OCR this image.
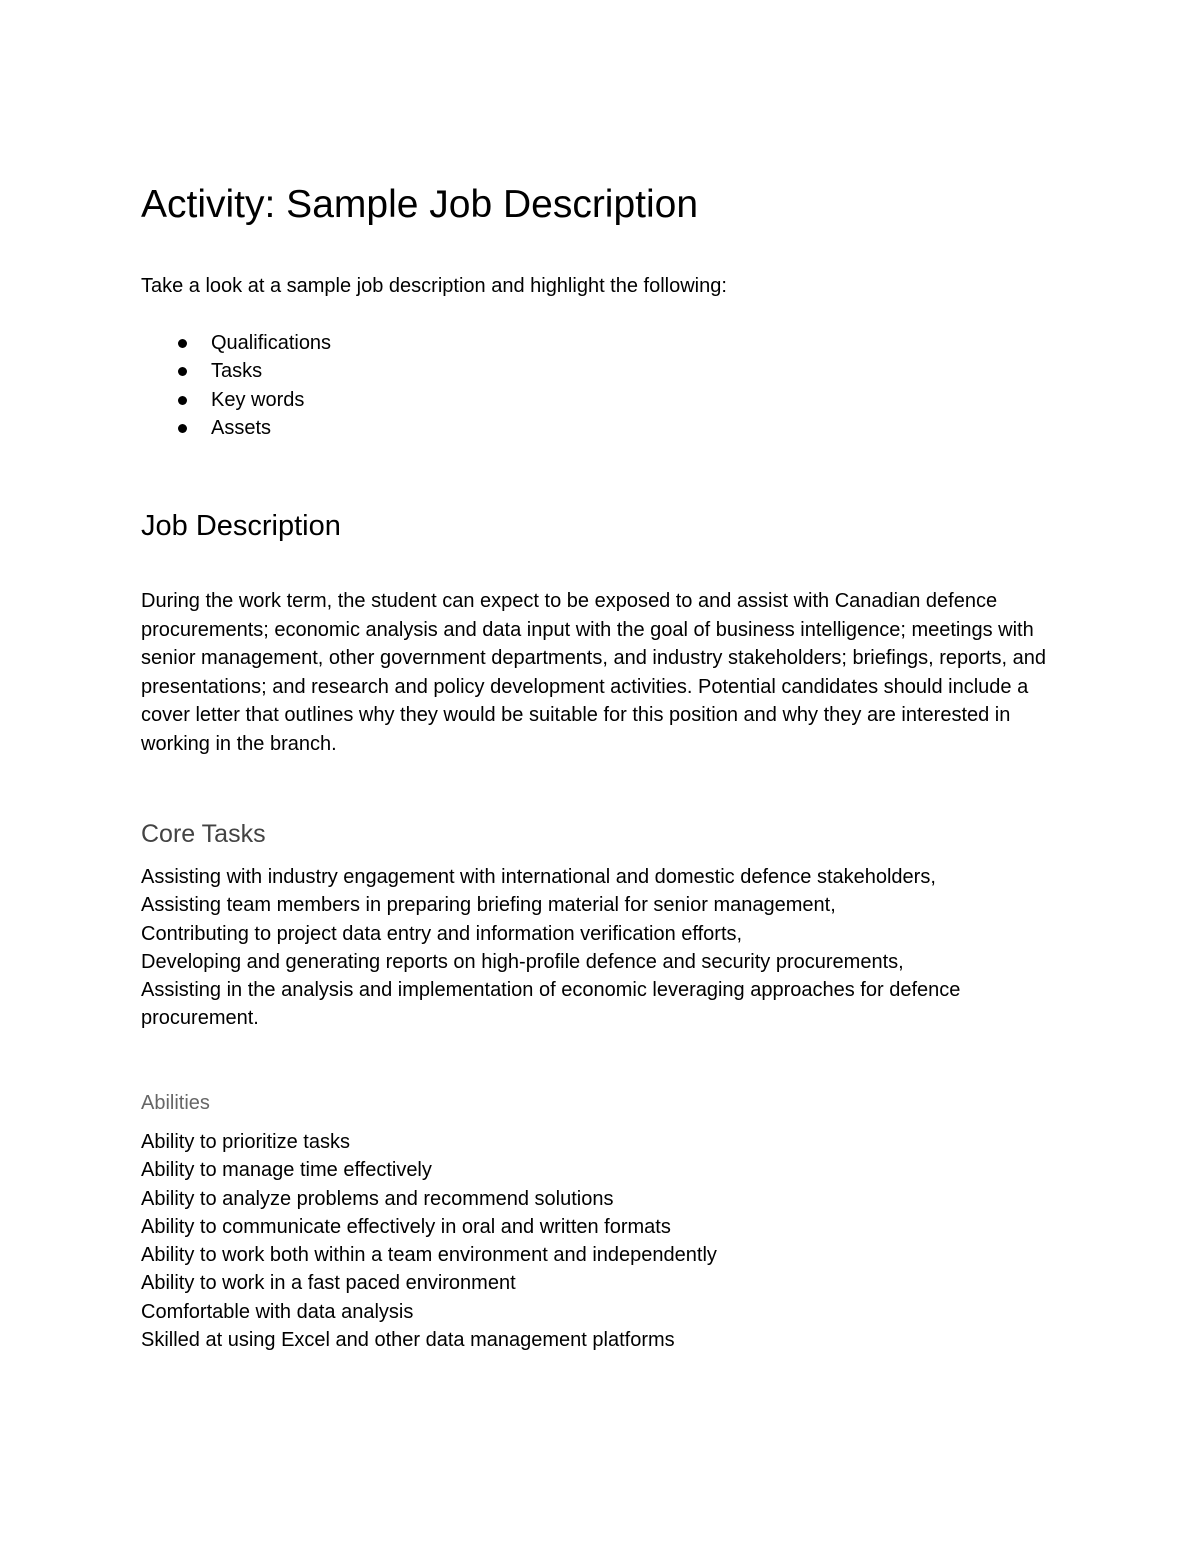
Activity: Sample Job Description

Take a look at a sample job description and highlight the following:

Qualifications
Tasks
Key words
Assets
Job Description

During the work term, the student can expect to be exposed to and assist with Canadian defence procurements; economic analysis and data input with the goal of business intelligence; meetings with senior management, other government departments, and industry stakeholders; briefings, reports, and presentations; and research and policy development activities. Potential candidates should include a cover letter that outlines why they would be suitable for this position and why they are interested in working in the branch.

Core Tasks
Assisting with industry engagement with international and domestic defence stakeholders,
Assisting team members in preparing briefing material for senior management,
Contributing to project data entry and information verification efforts,
Developing and generating reports on high-profile defence and security procurements,
Assisting in the analysis and implementation of economic leveraging approaches for defence procurement.
Abilities
Ability to prioritize tasks
Ability to manage time effectively
Ability to analyze problems and recommend solutions
Ability to communicate effectively in oral and written formats
Ability to work both within a team environment and independently
Ability to work in a fast paced environment
Comfortable with data analysis
Skilled at using Excel and other data management platforms
